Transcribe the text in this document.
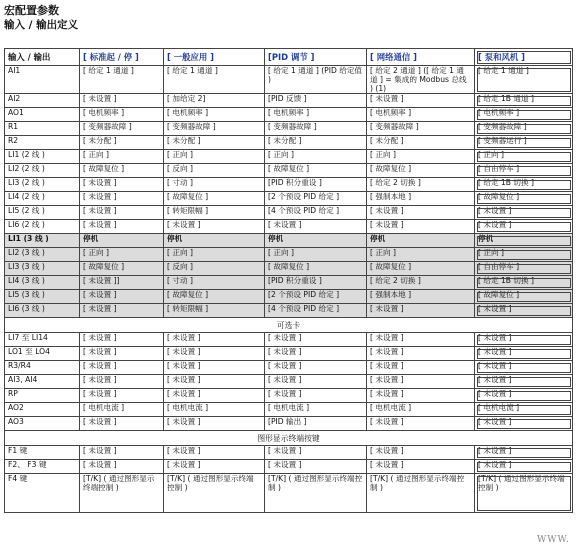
宏配置参数
输入 / 输出定义
输入 / 输出	[ 标准起 / 停 ]	[ 一般应用 ]	[PID 调节 ]	[ 网络通信 ]	[ 泵和风机 ]
AI1	[ 给定 1 通道 ]	[ 给定 1 通道 ]	[ 给定 1 通道 ] (PID 给定值 )	[ 给定 2 通道 ] ([ 给定 1 通道 ] = 集成的 Modbus 总线 ) (1)	[ 给定 1 通道 ]
AI2	[ 未设置 ]	[ 加给定 2]	[PID 反馈 ]	[ 未设置 ]	[ 给定 1B 通道 ]
AO1	[ 电机频率 ]	[ 电机频率 ]	[ 电机频率 ]	[ 电机频率 ]	[ 电机频率 ]
R1	[ 变频器故障 ]	[ 变频器故障 ]	[ 变频器故障 ]	[ 变频器故障 ]	[ 变频器故障 ]
R2	[ 未分配 ]	[ 未分配 ]	[ 未分配 ]	[ 未分配 ]	[ 变频器运行 ]
LI1 (2 线 )	[ 正向 ]	[ 正向 ]	[ 正向 ]	[ 正向 ]	[ 正向 ]
LI2 (2 线 )	[ 故障复位 ]	[ 反向 ]	[ 故障复位 ]	[ 故障复位 ]	[ 自由停车 ]
LI3 (2 线 )	[ 未设置 ]	[ 寸动 ]	[PID 积分重设 ]	[ 给定 2 切换 ]	[ 给定 1B 切换 ]
LI4 (2 线 )	[ 未设置 ]	[ 故障复位 ]	[2 个预设 PID 给定 ]	[ 强制本地 ]	[ 故障复位 ]
LI5 (2 线 )	[ 未设置 ]	[ 转矩限幅 ]	[4 个预设 PID 给定 ]	[ 未设置 ]	[ 未设置 ]
LI6 (2 线 )	[ 未设置 ]	[ 未设置 ]	[ 未设置 ]	[ 未设置 ]	[ 未设置 ]
LI1 (3 线 )	停机	停机	停机	停机	停机
LI2 (3 线 )	[ 正向 ]	[ 正向 ]	[ 正向 ]	[ 正向 ]	[ 正向 ]
LI3 (3 线 )	[ 故障复位 ]	[ 反向 ]	[ 故障复位 ]	[ 故障复位 ]	[ 自由停车 ]
LI4 (3 线 )	[ 未设置 ]]	[ 寸动 ]	[PID 积分重设 ]	[ 给定 2 切换 ]	[ 给定 1B 切换 ]
LI5 (3 线 )	[ 未设置 ]	[ 故障复位 ]	[2 个预设 PID 给定 ]	[ 强制本地 ]	[ 故障复位 ]
LI6 (3 线 )	[ 未设置 ]	[ 转矩限幅 ]	[4 个预设 PID 给定 ]	[ 未设置 ]	[ 未设置 ]
可选卡					
LI7 至 LI14	[ 未设置 ]	[ 未设置 ]	[ 未设置 ]	[ 未设置 ]	[ 未设置 ]
LO1 至 LO4	[ 未设置 ]	[ 未设置 ]	[ 未设置 ]	[ 未设置 ]	[ 未设置 ]
R3/R4	[ 未设置 ]	[ 未设置 ]	[ 未设置 ]	[ 未设置 ]	[ 未设置 ]
AI3, AI4	[ 未设置 ]	[ 未设置 ]	[ 未设置 ]	[ 未设置 ]	[ 未设置 ]
RP	[ 未设置 ]	[ 未设置 ]	[ 未设置 ]	[ 未设置 ]	[ 未设置 ]
AO2	[ 电机电流 ]	[ 电机电流 ]	[ 电机电流 ]	[ 电机电流 ]	[ 电机电流 ]
AO3	[ 未设置 ]	[ 未设置 ]	[PID 输出 ]	[ 未设置 ]	[ 未设置 ]
图形显示终端按键					
F1 键	[ 未设置 ]	[ 未设置 ]	[ 未设置 ]	[ 未设置 ]	[ 未设置 ]
F2、 F3 键	[ 未设置 ]	[ 未设置 ]	[ 未设置 ]	[ 未设置 ]	[ 未设置 ]
F4 键	[T/K] ( 通过图形显示终端控制 )	[T/K] ( 通过图形显示终端控制 )	[T/K] ( 通过图形显示终端控制 )	[T/K] ( 通过图形显示终端控制 )	[T/K] ( 通过图形显示终端控制 )
WWW.
